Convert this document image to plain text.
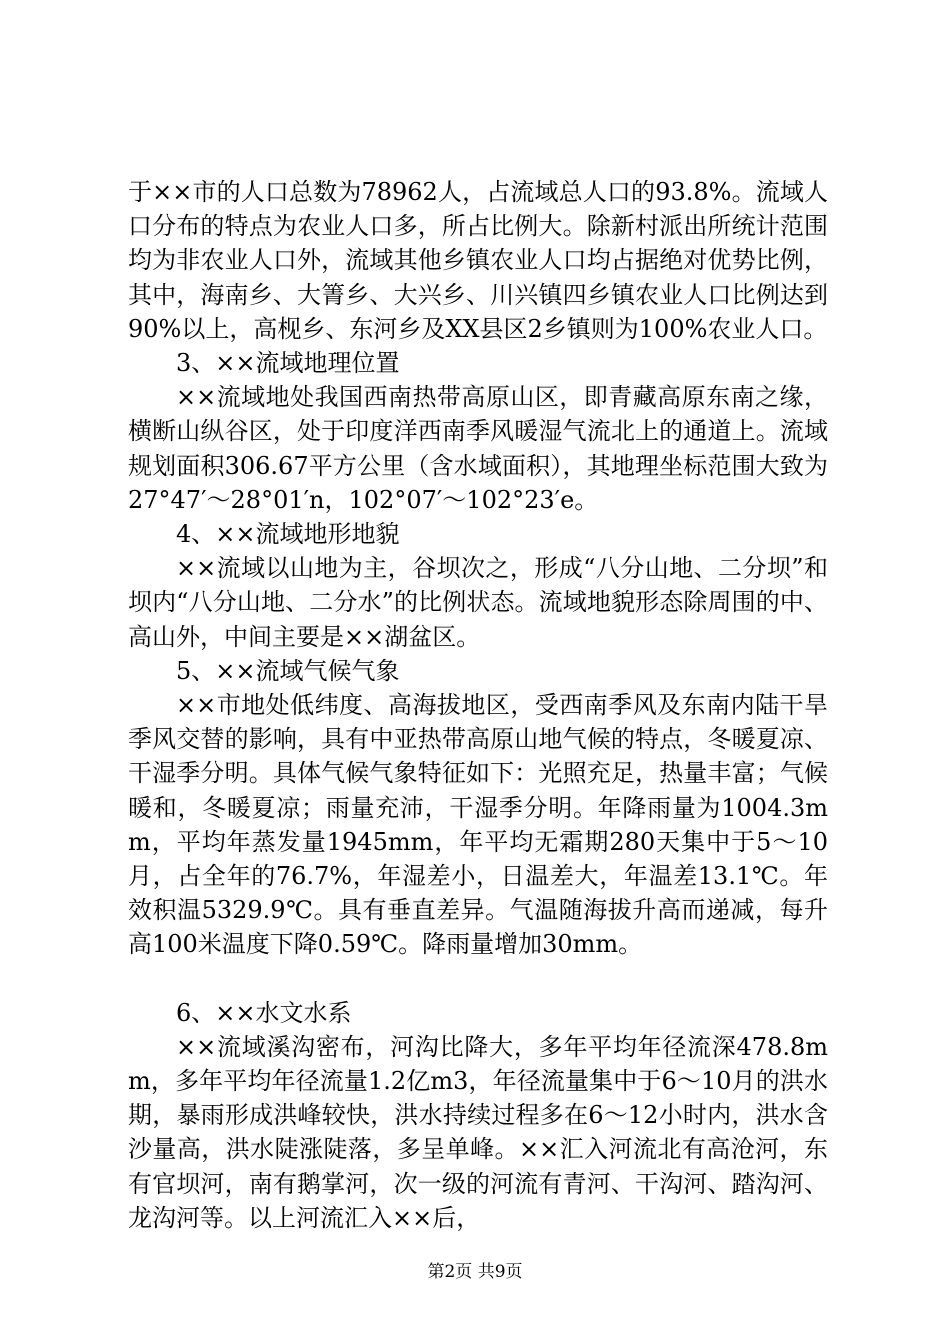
于××市的人口总数为78962人，占流域总人口的93.8%。流域人口分布的特点为农业人口多，所占比例大。除新村派出所统计范围均为非农业人口外，流域其他乡镇农业人口均占据绝对优势比例，其中，海南乡、大箐乡、大兴乡、川兴镇四乡镇农业人口比例达到90%以上，高枧乡、东河乡及XX县区2乡镇则为100%农业人口。

3、××流域地理位置

××流域地处我国西南热带高原山区，即青藏高原东南之缘，横断山纵谷区，处于印度洋西南季风暖湿气流北上的通道上。流域规划面积306.67平方公里（含水域面积），其地理坐标范围大致为27°47′～28°01′n，102°07′～102°23′e。

4、××流域地形地貌

××流域以山地为主，谷坝次之，形成“八分山地、二分坝”和坝内“八分山地、二分水”的比例状态。流域地貌形态除周围的中、高山外，中间主要是××湖盆区。

5、××流域气候气象

××市地处低纬度、高海拔地区，受西南季风及东南内陆干旱季风交替的影响，具有中亚热带高原山地气候的特点，冬暖夏凉、干湿季分明。具体气候气象特征如下：光照充足，热量丰富；气候暖和，冬暖夏凉；雨量充沛，干湿季分明。年降雨量为1004.3mm，平均年蒸发量1945mm，年平均无霜期280天集中于5～10月，占全年的76.7%，年湿差小，日温差大，年温差13.1℃。年效积温5329.9℃。具有垂直差异。气温随海拔升高而递减，每升高100米温度下降0.59℃。降雨量增加30mm。

6、××水文水系

××流域溪沟密布，河沟比降大，多年平均年径流深478.8mm，多年平均年径流量1.2亿m3，年径流量集中于6～10月的洪水期，暴雨形成洪峰较快，洪水持续过程多在6～12小时内，洪水含沙量高，洪水陡涨陡落，多呈单峰。××汇入河流北有高沧河，东有官坝河，南有鹅掌河，次一级的河流有青河、干沟河、踏沟河、龙沟河等。以上河流汇入××后，

第2页 共9页
